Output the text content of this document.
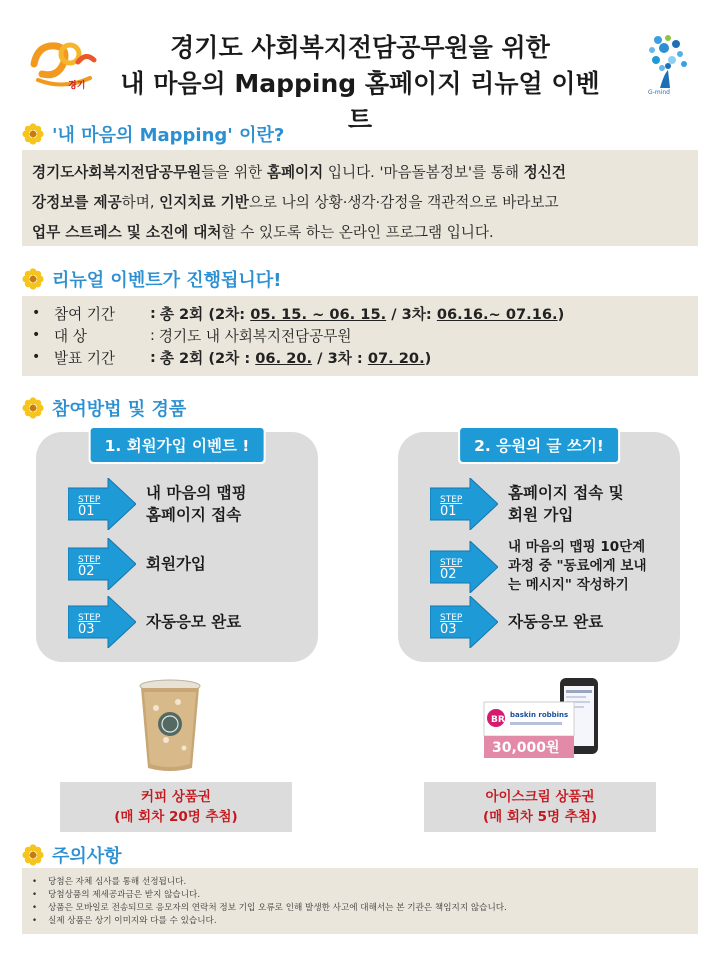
경기
G-mind
경기도 사회복지전담공무원을 위한
내 마음의 Mapping 홈페이지 리뉴얼 이벤트
'내 마음의 Mapping' 이란?
경기도사회복지전담공무원들을 위한 홈페이지 입니다. '마음돌봄정보'를 통해 정신건
강정보를 제공하며, 인지치료 기반으로 나의 상황·생각·감정을 객관적으로 바라보고
업무 스트레스 및 소진에 대처할 수 있도록 하는 온라인 프로그램 입니다.
리뉴얼 이벤트가 진행됩니다!
• 참여 기간	: 총 2회 (2차: 05. 15. ~ 06. 15. / 3차: 06.16.~ 07.16.)
• 대 상	: 경기도 내 사회복지전담공무원
• 발표 기간	: 총 2회 (2차 : 06. 20. / 3차 : 07. 20.)
참여방법 및 경품
1. 회원가입 이벤트 !
STEP
01
내 마음의 맵핑
홈페이지 접속
STEP
02	회원가입
STEP
03	자동응모 완료
2. 응원의 글 쓰기!
STEP
01
홈페이지 접속 및
회원 가입
STEP
02
내 마음의 맵핑 10단계
과정 중 "동료에게 보내
는 메시지" 작성하기
STEP
03	자동응모 완료
BR baskin robbins
30,000원
커피 상품권
(매 회차 20명 추첨)
아이스크림 상품권
(매 회차 5명 추첨)
주의사항
•	당첨은 자체 심사를 통해 선정됩니다.
•	당첨상품의 제세공과금은 받지 않습니다.
•	상품은 모바일로 전송되므로 응모자의 연락처 정보 기입 오류로 인해 발생한 사고에 대해서는 본 기관은 책임지지 않습니다.
•	실제 상품은 상기 이미지와 다를 수 있습니다.
